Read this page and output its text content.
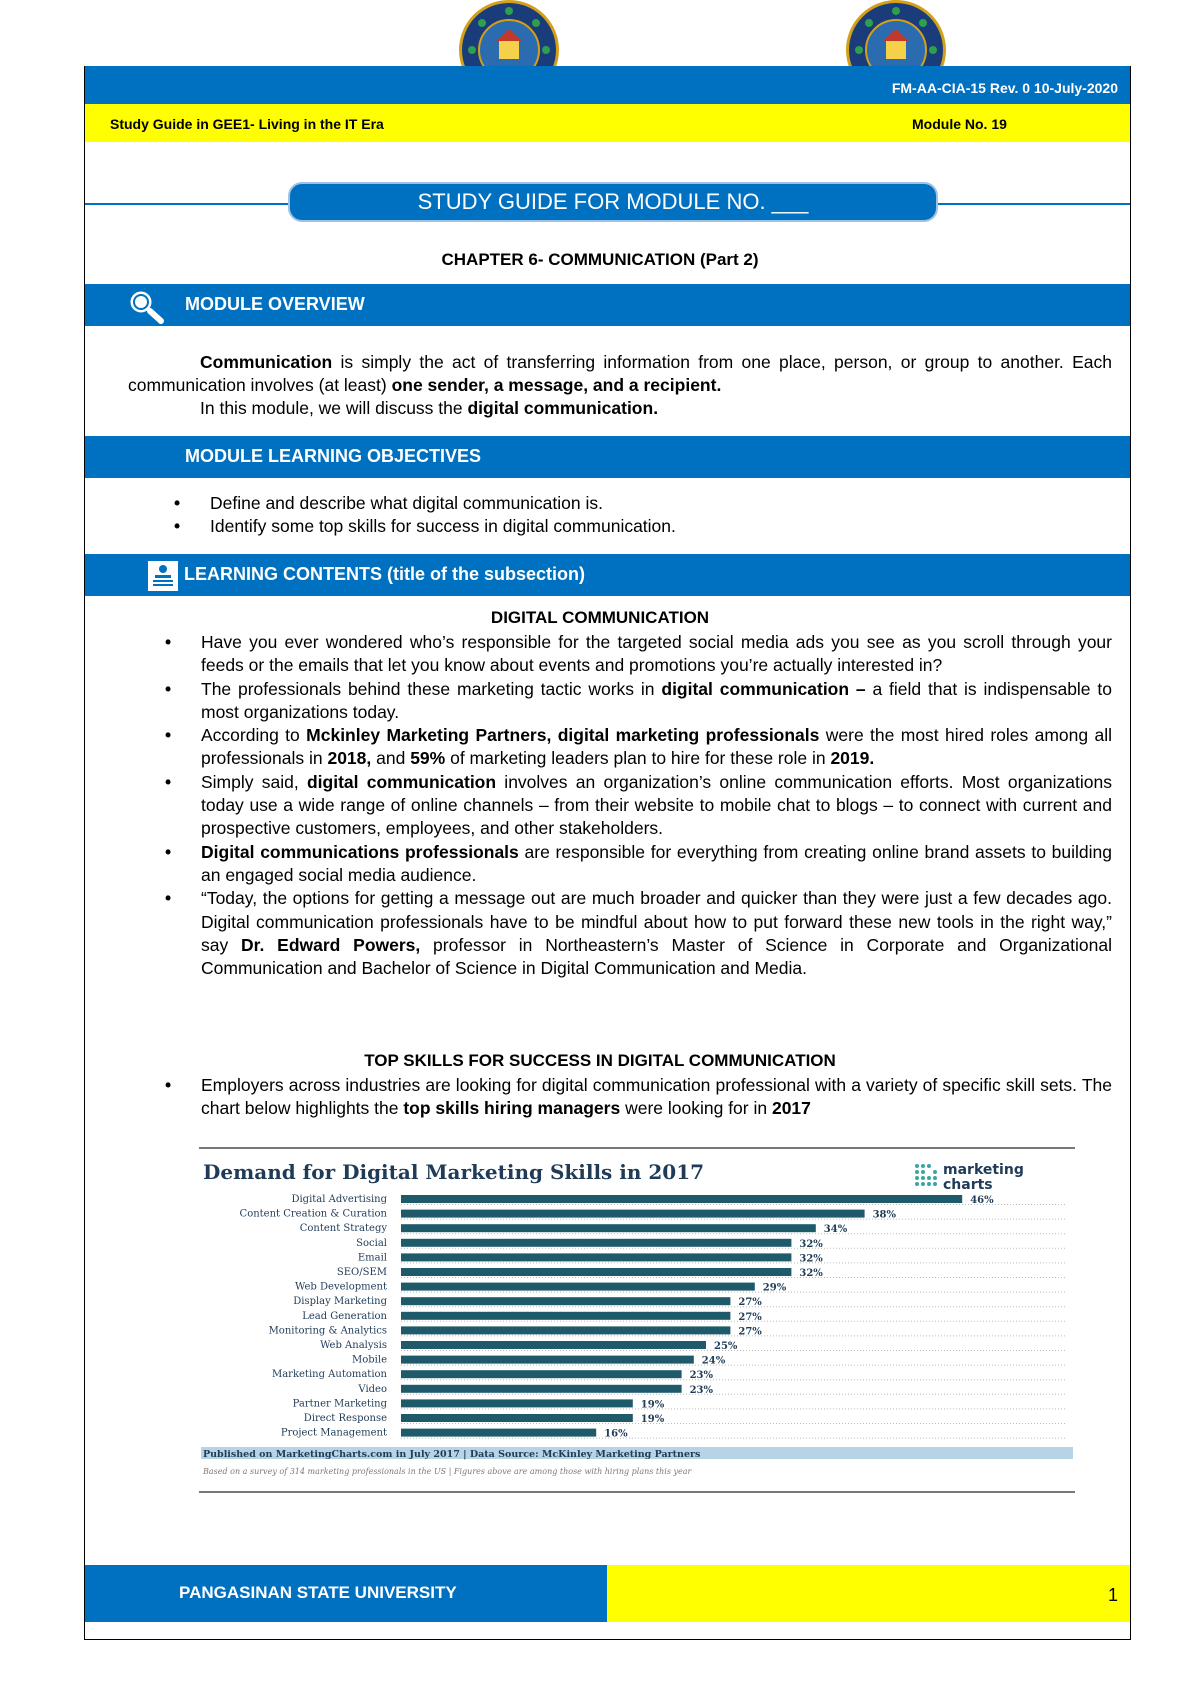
FM-AA-CIA-15 Rev. 0 10-July-2020
Study Guide in GEE1- Living in the IT Era	Module No. 19
STUDY GUIDE FOR MODULE NO. ___
CHAPTER 6- COMMUNICATION (Part 2)
MODULE OVERVIEW

Communication is simply the act of transferring information from one place, person, or group to another. Each communication involves (at least) one sender, a message, and a recipient.

In this module, we will discuss the digital communication.

MODULE LEARNING OBJECTIVES
• Define and describe what digital communication is.
• Identify some top skills for success in digital communication.
LEARNING CONTENTS (title of the subsection)
DIGITAL COMMUNICATION
• Have you ever wondered who’s responsible for the targeted social media ads you see as you scroll through your feeds or the emails that let you know about events and promotions you’re actually interested in?
• The professionals behind these marketing tactic works in digital communication – a field that is indispensable to most organizations today.
• According to Mckinley Marketing Partners, digital marketing professionals were the most hired roles among all professionals in 2018, and 59% of marketing leaders plan to hire for these role in 2019.
• Simply said, digital communication involves an organization’s online communication efforts. Most organizations today use a wide range of online channels – from their website to mobile chat to blogs – to connect with current and prospective customers, employees, and other stakeholders.
• Digital communications professionals are responsible for everything from creating online brand assets to building an engaged social media audience.
• “Today, the options for getting a message out are much broader and quicker than they were just a few decades ago. Digital communication professionals have to be mindful about how to put forward these new tools in the right way,” say Dr. Edward Powers, professor in Northeastern’s Master of Science in Corporate and Organizational Communication and Bachelor of Science in Digital Communication and Media.
TOP SKILLS FOR SUCCESS IN DIGITAL COMMUNICATION
• Employers across industries are looking for digital communication professional with a variety of specific skill sets. The chart below highlights the top skills hiring managers were looking for in 2017
Demand for Digital Marketing Skills in 2017	marketing
charts
Digital Advertising	46%
Content Creation & Curation	38%
Content Strategy	34%
Social	32%
Email	32%
SEO/SEM	32%
Web Development	29%
Display Marketing	27%
Lead Generation	27%
Monitoring & Analytics	27%
Web Analysis	25%
Mobile	24%
Marketing Automation	23%
Video	23%
Partner Marketing	19%
Direct Response	19%
Project Management	16%
Published on MarketingCharts.com in July 2017 | Data Source: McKinley Marketing Partners
Based on a survey of 314 marketing professionals in the US | Figures above are among those with hiring plans this year
PANGASINAN STATE UNIVERSITY	1
